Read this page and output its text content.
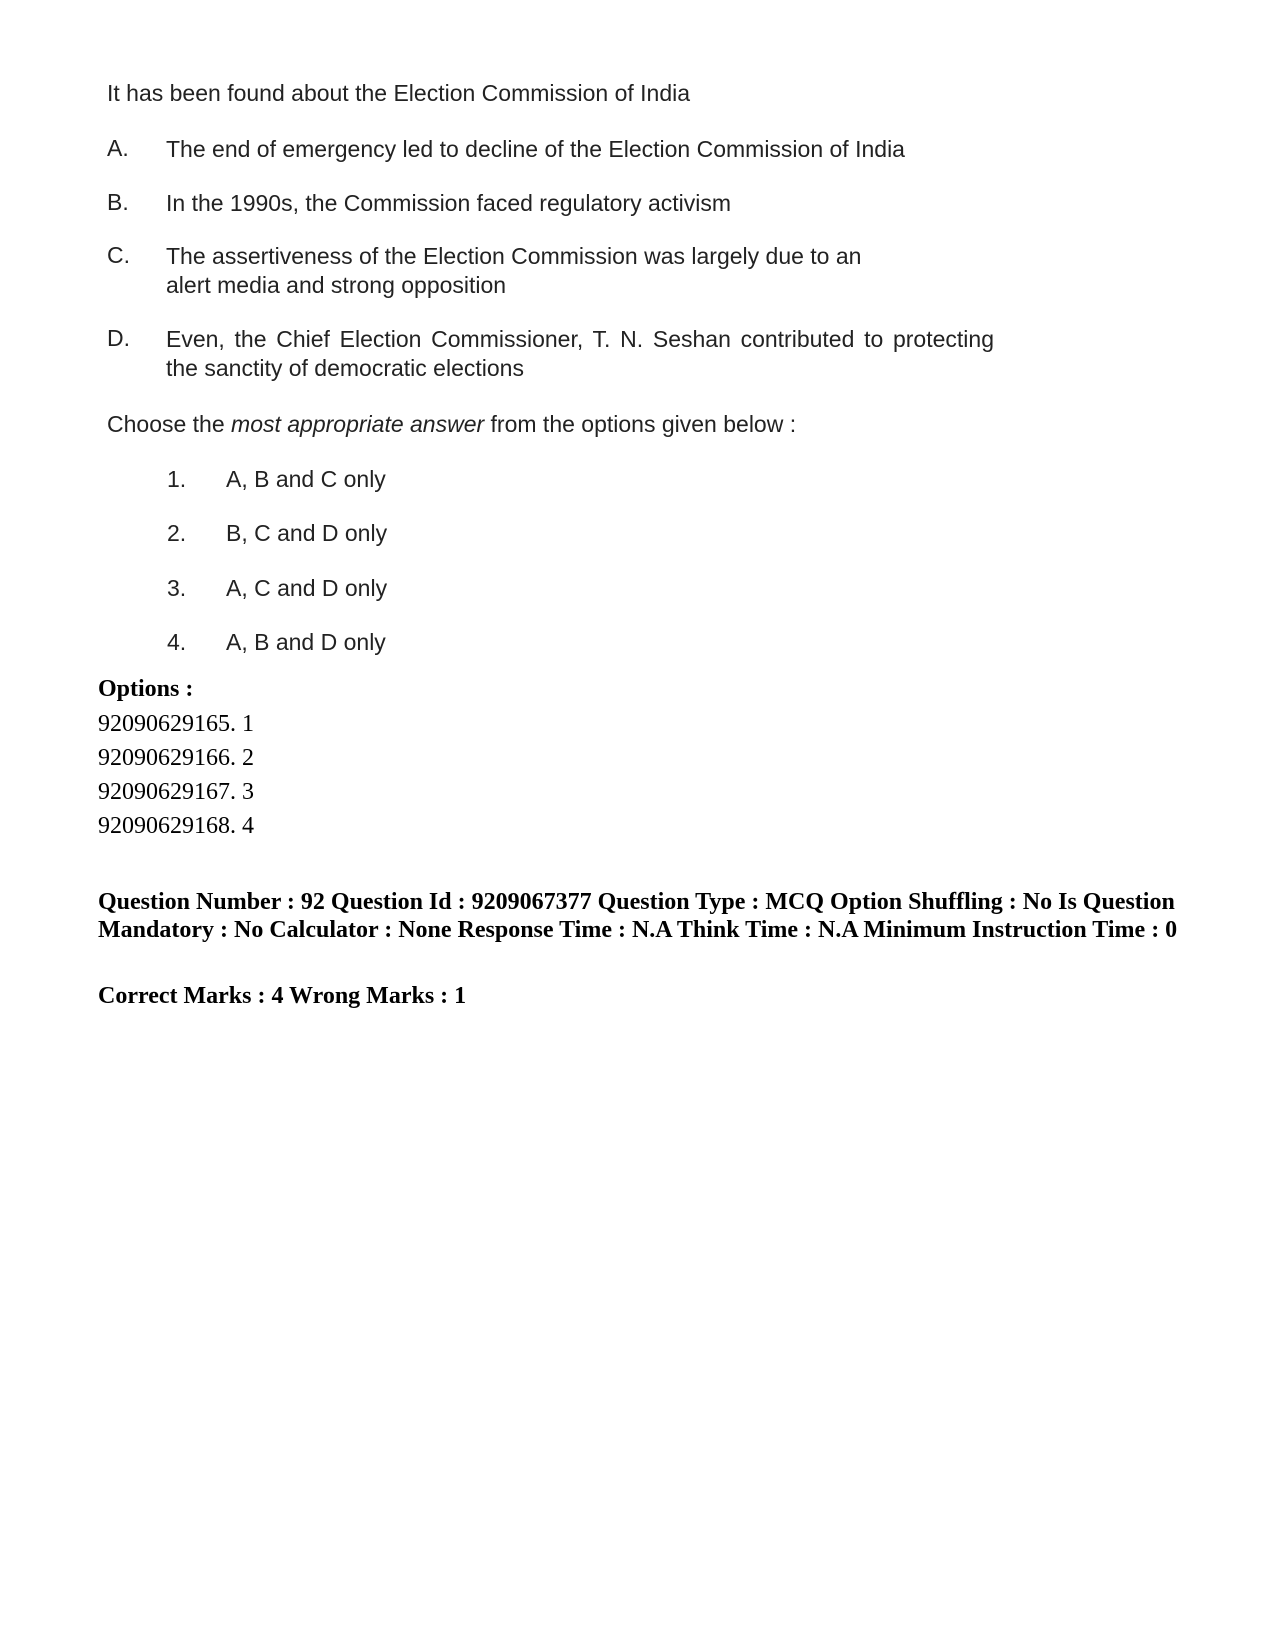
It has been found about the Election Commission of India
A. The end of emergency led to decline of the Election Commission of India
B. In the 1990s, the Commission faced regulatory activism
C. The assertiveness of the Election Commission was largely due to an alert media and strong opposition
D. Even, the Chief Election Commissioner, T. N. Seshan contributed to protecting the sanctity of democratic elections
Choose the most appropriate answer from the options given below :
1. A, B and C only
2. B, C and D only
3. A, C and D only
4. A, B and D only
Options :
92090629165. 1
92090629166. 2
92090629167. 3
92090629168. 4
Question Number : 92 Question Id : 9209067377 Question Type : MCQ Option Shuffling : No Is Question Mandatory : No Calculator : None Response Time : N.A Think Time : N.A Minimum Instruction Time : 0
Correct Marks : 4 Wrong Marks : 1
